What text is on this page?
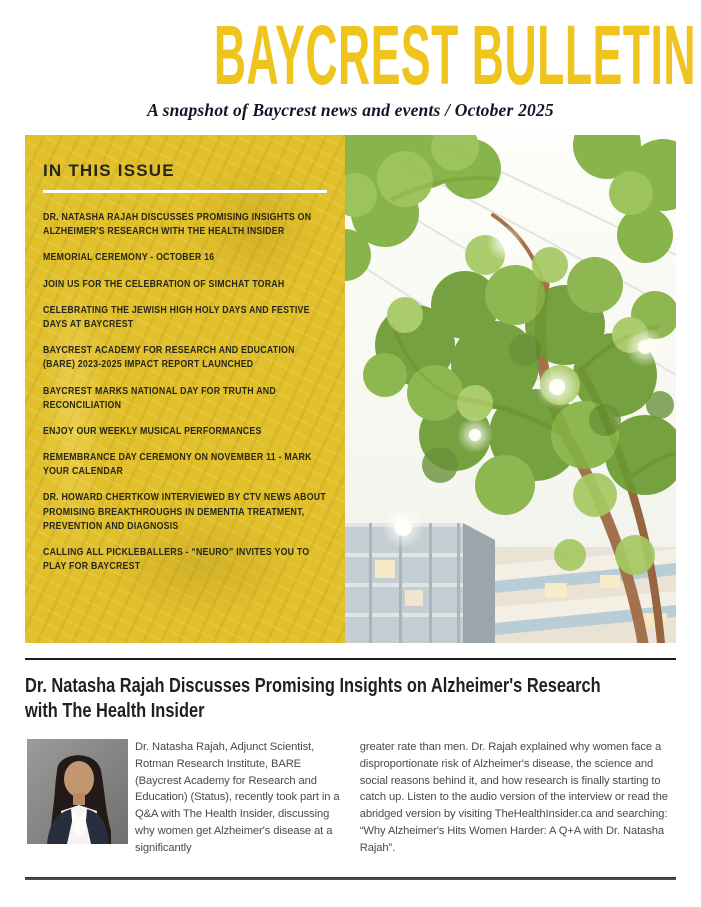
BAYCREST BULLETIN
A snapshot of Baycrest news and events / October 2025
IN THIS ISSUE
DR. NATASHA RAJAH DISCUSSES PROMISING INSIGHTS ON ALZHEIMER'S RESEARCH WITH THE HEALTH INSIDER
MEMORIAL CEREMONY - OCTOBER 16
JOIN US FOR THE CELEBRATION OF SIMCHAT TORAH
CELEBRATING THE JEWISH HIGH HOLY DAYS AND FESTIVE DAYS AT BAYCREST
BAYCREST ACADEMY FOR RESEARCH AND EDUCATION (BARE) 2023-2025 IMPACT REPORT LAUNCHED
BAYCREST MARKS NATIONAL DAY FOR TRUTH AND RECONCILIATION
ENJOY OUR WEEKLY MUSICAL PERFORMANCES
REMEMBRANCE DAY CEREMONY ON NOVEMBER 11 - MARK YOUR CALENDAR
DR. HOWARD CHERTKOW INTERVIEWED BY CTV NEWS ABOUT PROMISING BREAKTHROUGHS IN DEMENTIA TREATMENT, PREVENTION AND DIAGNOSIS
CALLING ALL PICKLEBALLERS - “NEURO” INVITES YOU TO PLAY FOR BAYCREST
Dr. Natasha Rajah Discusses Promising Insights on Alzheimer's Research
with The Health Insider
Dr. Natasha Rajah, Adjunct Scientist, Rotman Research Institute, BARE (Baycrest Academy for Research and Education) (Status), recently took part in a Q&A with The Health Insider, discussing why women get Alzheimer's disease at a significantly
greater rate than men. Dr. Rajah explained why women face a disproportionate risk of Alzheimer's disease, the science and social reasons behind it, and how research is finally starting to catch up. Listen to the audio version of the interview or read the abridged version by visiting TheHealthInsider.ca and searching: “Why Alzheimer's Hits Women Harder: A Q+A with Dr. Natasha Rajah”.
